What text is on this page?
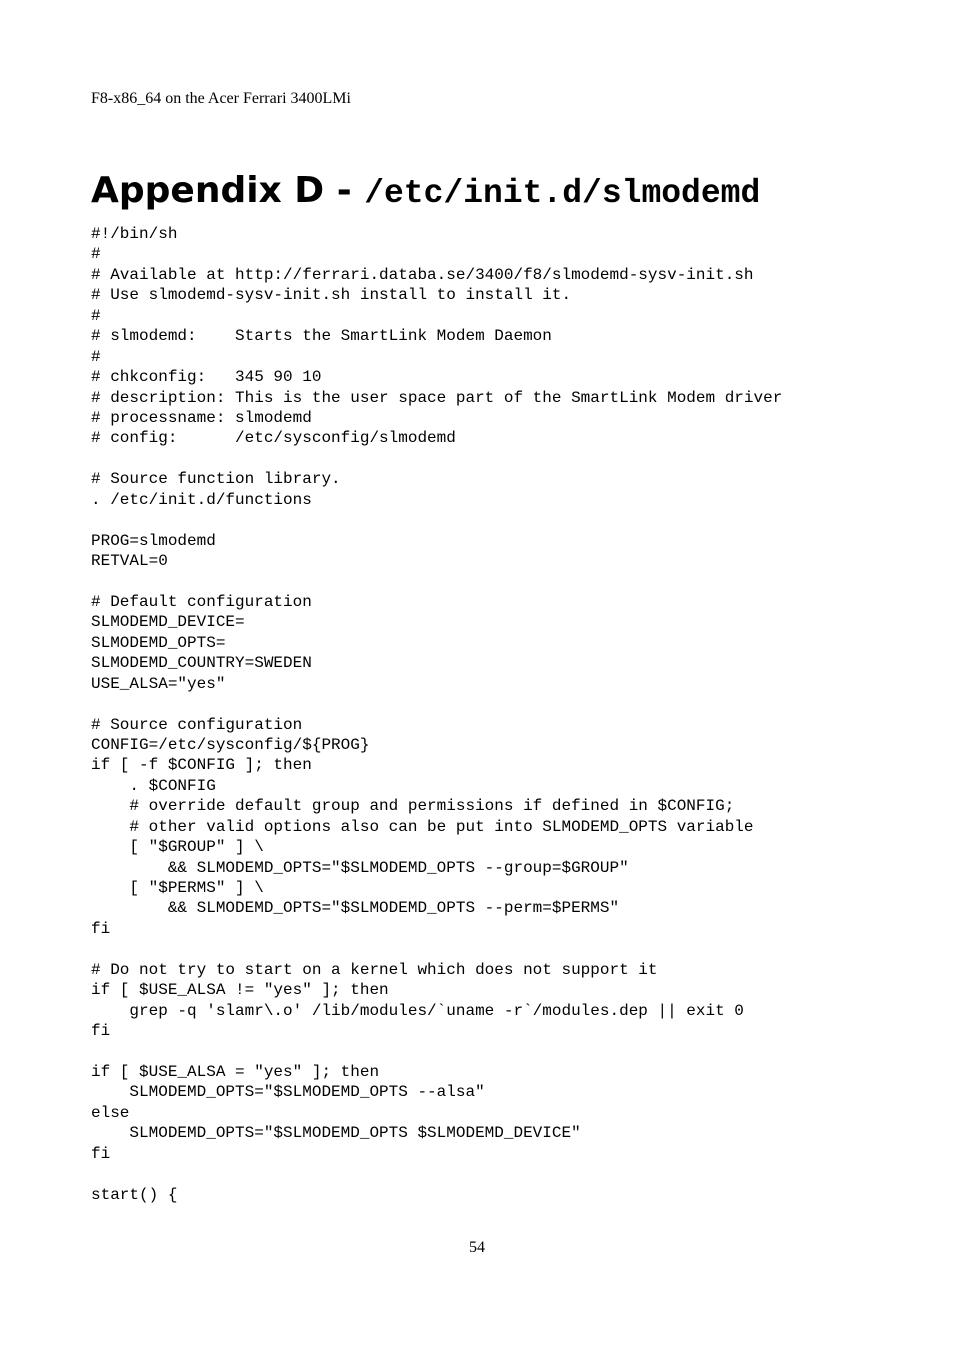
F8-x86_64 on the Acer Ferrari 3400LMi
Appendix D - /etc/init.d/slmodemd
#!/bin/sh
#
# Available at http://ferrari.databa.se/3400/f8/slmodemd-sysv-init.sh
# Use slmodemd-sysv-init.sh install to install it.
#
# slmodemd:    Starts the SmartLink Modem Daemon
#
# chkconfig:   345 90 10
# description: This is the user space part of the SmartLink Modem driver
# processname: slmodemd
# config:      /etc/sysconfig/slmodemd
# Source function library.
. /etc/init.d/functions
PROG=slmodemd
RETVAL=0
# Default configuration
SLMODEMD_DEVICE=
SLMODEMD_OPTS=
SLMODEMD_COUNTRY=SWEDEN
USE_ALSA="yes"
# Source configuration
CONFIG=/etc/sysconfig/${PROG}
if [ -f $CONFIG ]; then
. $CONFIG
# override default group and permissions if defined in $CONFIG;
# other valid options also can be put into SLMODEMD_OPTS variable
[ "$GROUP" ] \
&& SLMODEMD_OPTS="$SLMODEMD_OPTS --group=$GROUP"
[ "$PERMS" ] \
&& SLMODEMD_OPTS="$SLMODEMD_OPTS --perm=$PERMS"
fi
# Do not try to start on a kernel which does not support it
if [ $USE_ALSA != "yes" ]; then
grep -q 'slamr\.o' /lib/modules/`uname -r`/modules.dep || exit 0
fi
if [ $USE_ALSA = "yes" ]; then
SLMODEMD_OPTS="$SLMODEMD_OPTS --alsa"
else
SLMODEMD_OPTS="$SLMODEMD_OPTS $SLMODEMD_DEVICE"
fi
start() {
54
